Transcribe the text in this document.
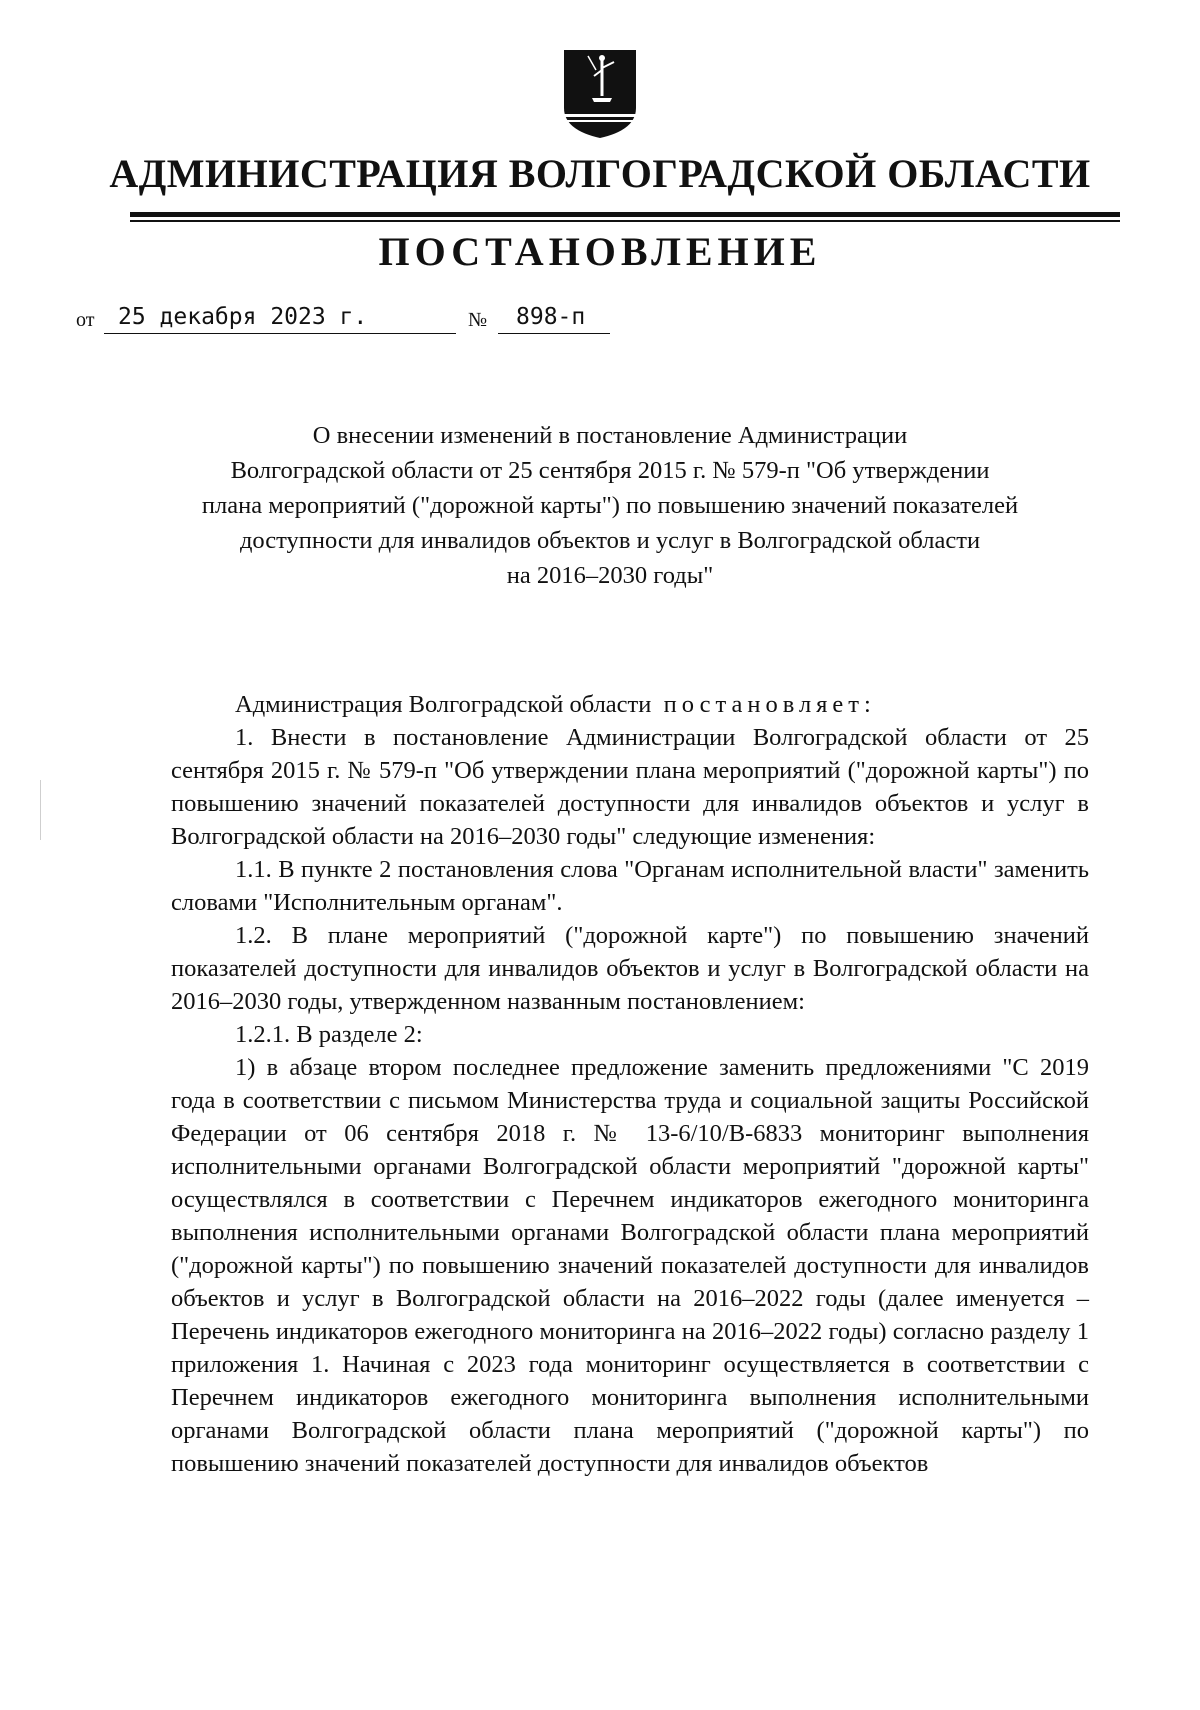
АДМИНИСТРАЦИЯ ВОЛГОГРАДСКОЙ ОБЛАСТИ
ПОСТАНОВЛЕНИЕ
от 25 декабря 2023 г.	№ 898-п
О внесении изменений в постановление Администрации
Волгоградской области от 25 сентября 2015 г. № 579-п "Об утверждении
плана мероприятий ("дорожной карты") по повышению значений показателей
доступности для инвалидов объектов и услуг в Волгоградской области
на 2016–2030 годы"

Администрация Волгоградской области постановляет:

1. Внести в постановление Администрации Волгоградской области от 25 сентября 2015 г. № 579-п "Об утверждении плана мероприятий ("дорожной карты") по повышению значений показателей доступности для инвалидов объектов и услуг в Волгоградской области на 2016–2030 годы" следующие изменения:

1.1. В пункте 2 постановления слова "Органам исполнительной власти" заменить словами "Исполнительным органам".

1.2. В плане мероприятий ("дорожной карте") по повышению значений показателей доступности для инвалидов объектов и услуг в Волгоградской области на 2016–2030 годы, утвержденном названным постановлением:

1.2.1. В разделе 2:

1) в абзаце втором последнее предложение заменить предложениями "С 2019 года в соответствии с письмом Министерства труда и социальной защиты Российской Федерации от 06 сентября 2018 г. № 13-6/10/В-6833 мониторинг выполнения исполнительными органами Волгоградской области мероприятий "дорожной карты" осуществлялся в соответствии с Перечнем индикаторов ежегодного мониторинга выполнения исполнительными органами Волгоградской области плана мероприятий ("дорожной карты") по повышению значений показателей доступности для инвалидов объектов и услуг в Волгоградской области на 2016–2022 годы (далее именуется – Перечень индикаторов ежегодного мониторинга на 2016–2022 годы) согласно разделу 1 приложения 1. Начиная с 2023 года мониторинг осуществляется в соответствии с Перечнем индикаторов ежегодного мониторинга выполнения исполнительными органами Волгоградской области плана мероприятий ("дорожной карты") по повышению значений показателей доступности для инвалидов объектов
